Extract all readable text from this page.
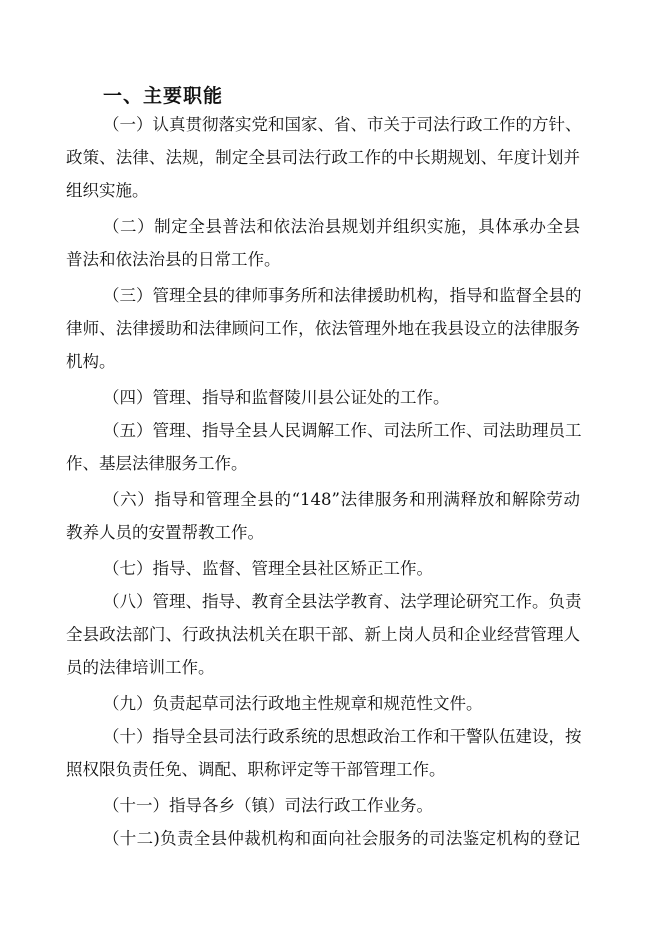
一、主要职能
（一）认真贯彻落实党和国家、省、市关于司法行政工作的方针、
政策、法律、法规，制定全县司法行政工作的中长期规划、年度计划并
组织实施。
（二）制定全县普法和依法治县规划并组织实施，具体承办全县
普法和依法治县的日常工作。
（三）管理全县的律师事务所和法律援助机构，指导和监督全县的
律师、法律援助和法律顾问工作，依法管理外地在我县设立的法律服务
机构。
（四）管理、指导和监督陵川县公证处的工作。
（五）管理、指导全县人民调解工作、司法所工作、司法助理员工
作、基层法律服务工作。
（六）指导和管理全县的“148”法律服务和刑满释放和解除劳动
教养人员的安置帮教工作。
（七）指导、监督、管理全县社区矫正工作。
（八）管理、指导、教育全县法学教育、法学理论研究工作。负责
全县政法部门、行政执法机关在职干部、新上岗人员和企业经营管理人
员的法律培训工作。
（九）负责起草司法行政地主性规章和规范性文件。
（十）指导全县司法行政系统的思想政治工作和干警队伍建设，按
照权限负责任免、调配、职称评定等干部管理工作。
（十一）指导各乡（镇）司法行政工作业务。
（十二)负责全县仲裁机构和面向社会服务的司法鉴定机构的登记
